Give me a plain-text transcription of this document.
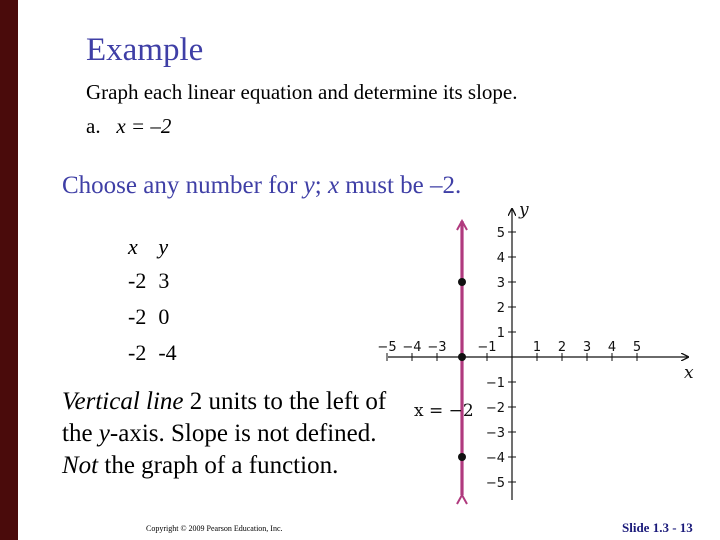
Example
Graph each linear equation and determine its slope.
a. x = –2
Choose any number for y; x must be –2.
x	y
-2	3
-2	0
-2	-4
Vertical line 2 units to the left of the y-axis. Slope is not defined. Not the graph of a function.
−5 −4 −3 −1	1 2 3 4 5
5
4
3
2
1
−1
−2
−3
−4
−5
x
y
x = −2
Copyright © 2009 Pearson Education, Inc.	Slide 1.3 - 13
